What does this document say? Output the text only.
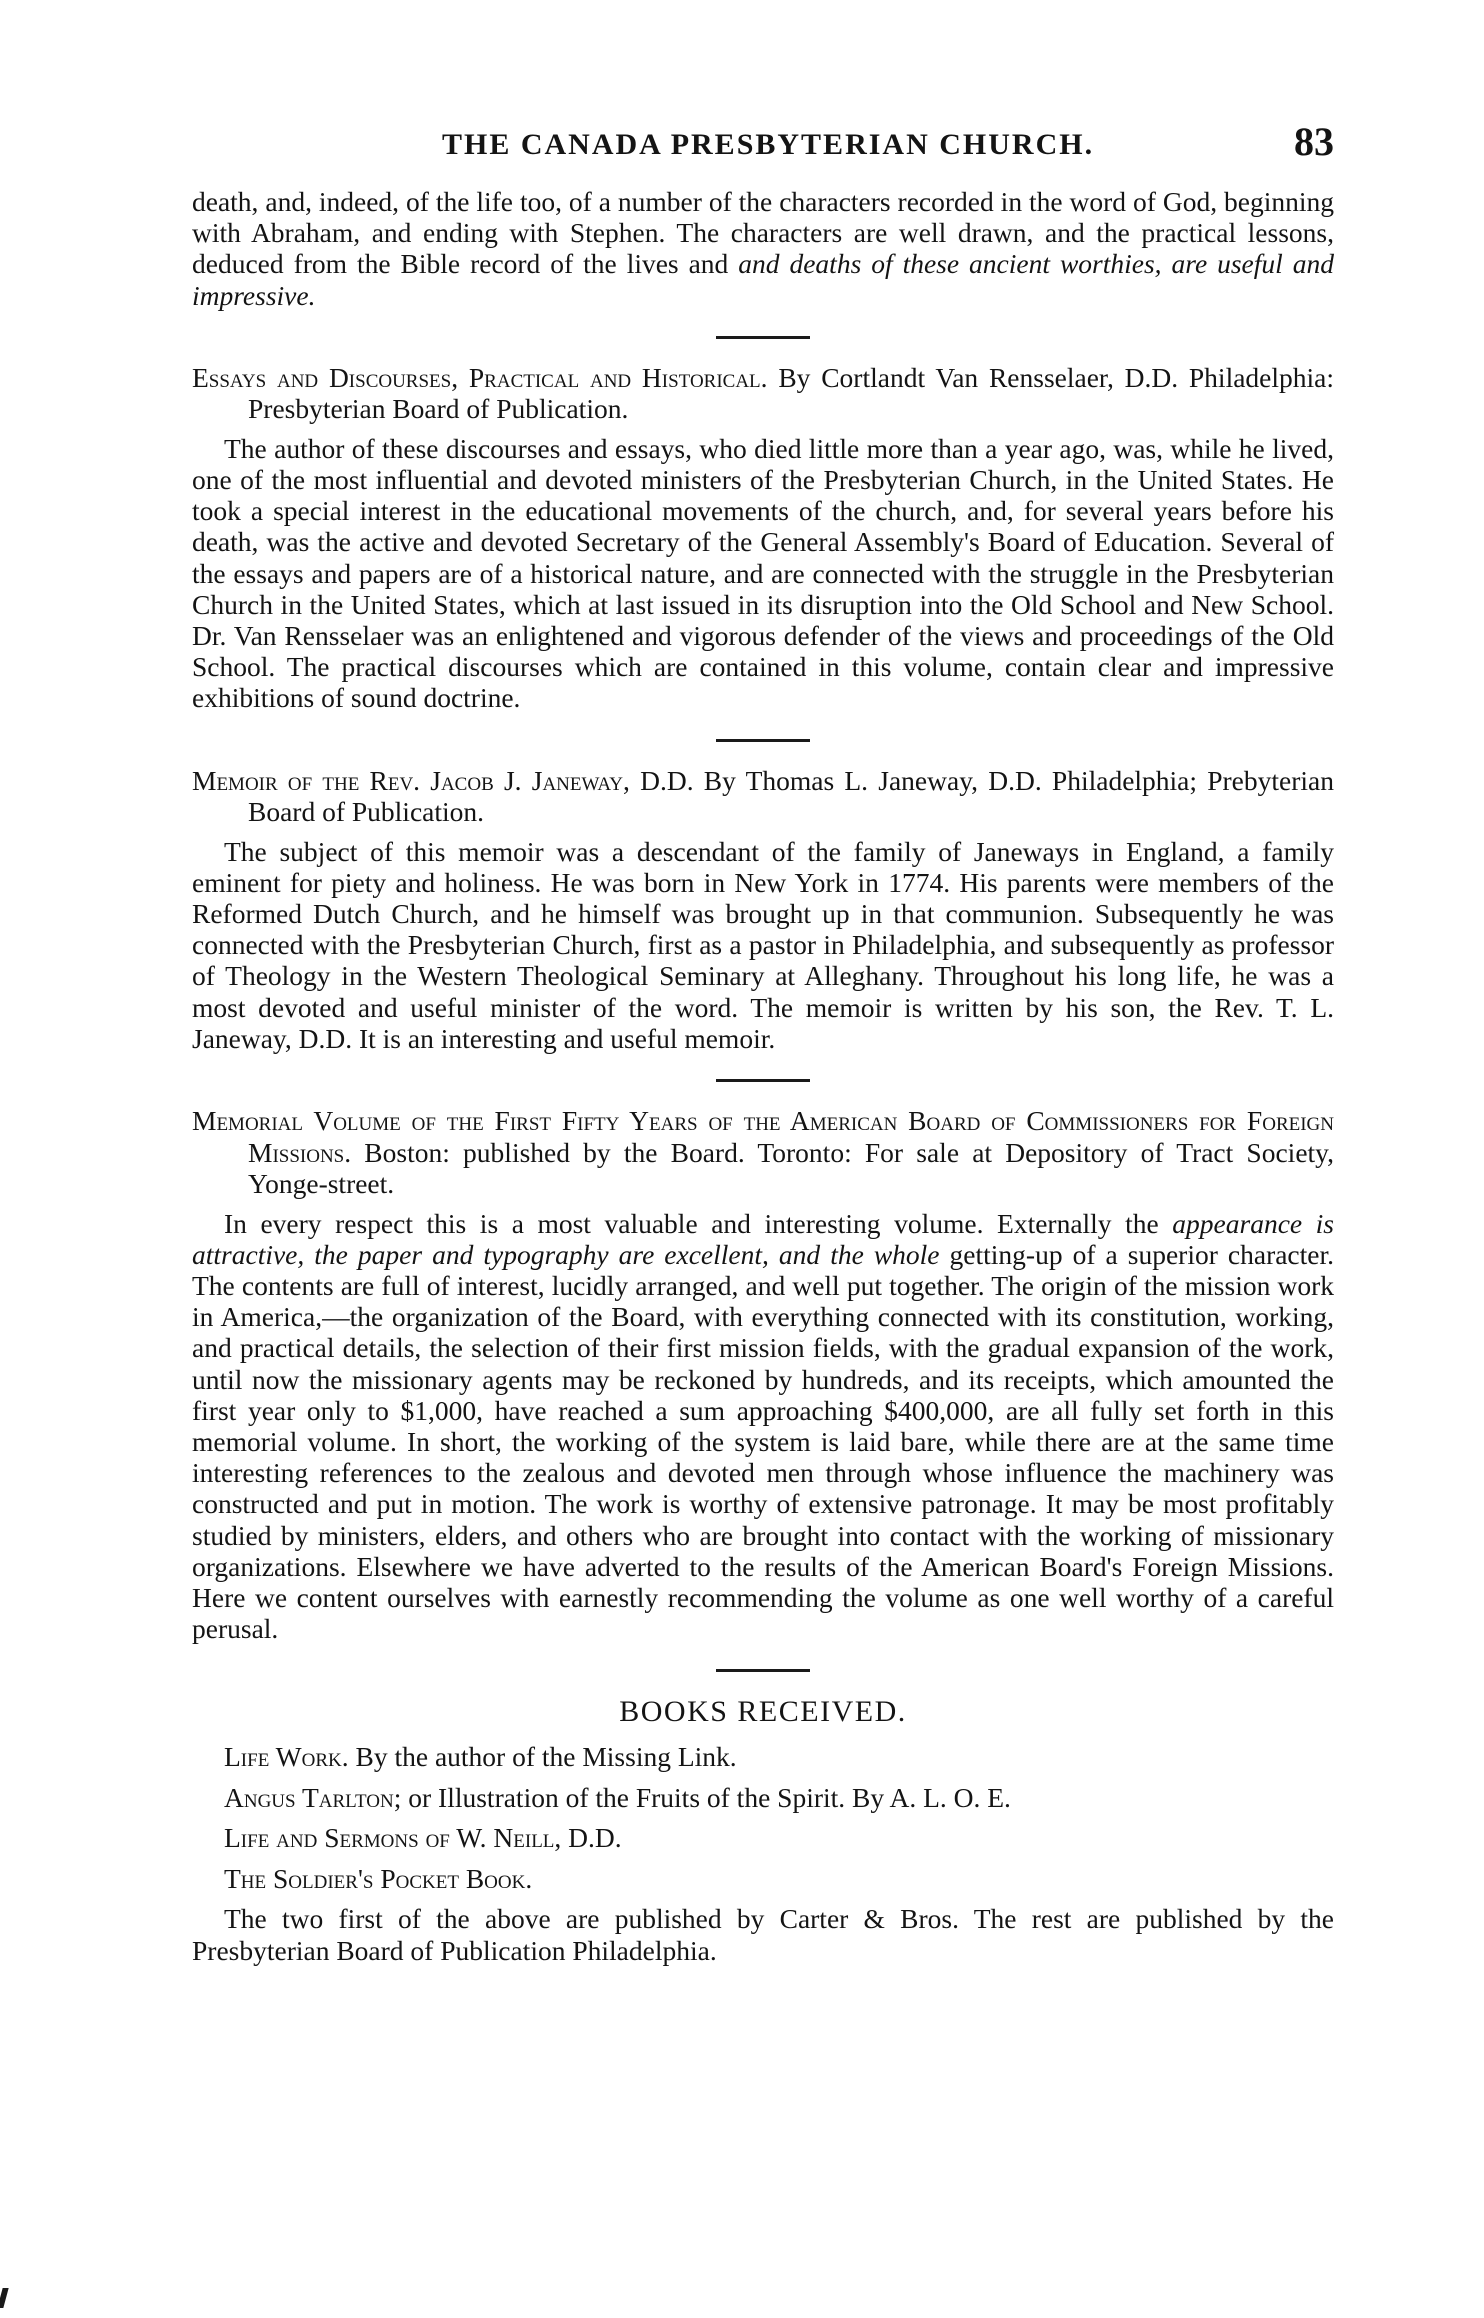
THE CANADA PRESBYTERIAN CHURCH.	83

death, and, indeed, of the life too, of a number of the characters recorded in the word of God, beginning with Abraham, and ending with Stephen. The characters are well drawn, and the practical lessons, deduced from the Bible record of the lives and and deaths of these ancient worthies, are useful and impressive.

Essays and Discourses, Practical and Historical. By Cortlandt Van Rensselaer, D.D. Philadelphia: Presbyterian Board of Publication.

The author of these discourses and essays, who died little more than a year ago, was, while he lived, one of the most influential and devoted ministers of the Presbyterian Church, in the United States. He took a special interest in the educational movements of the church, and, for several years before his death, was the active and devoted Secretary of the General Assembly's Board of Education. Several of the essays and papers are of a historical nature, and are connected with the struggle in the Presbyterian Church in the United States, which at last issued in its disruption into the Old School and New School. Dr. Van Rensselaer was an enlightened and vigorous defender of the views and proceedings of the Old School. The practical discourses which are contained in this volume, contain clear and impressive exhibitions of sound doctrine.

Memoir of the Rev. Jacob J. Janeway, D.D. By Thomas L. Janeway, D.D. Philadelphia; Prebyterian Board of Publication.

The subject of this memoir was a descendant of the family of Janeways in England, a family eminent for piety and holiness. He was born in New York in 1774. His parents were members of the Reformed Dutch Church, and he himself was brought up in that communion. Subsequently he was connected with the Presbyterian Church, first as a pastor in Philadelphia, and subsequently as professor of Theology in the Western Theological Seminary at Alleghany. Throughout his long life, he was a most devoted and useful minister of the word. The memoir is written by his son, the Rev. T. L. Janeway, D.D. It is an interesting and useful memoir.

Memorial Volume of the First Fifty Years of the American Board of Commissioners for Foreign Missions. Boston: published by the Board. Toronto: For sale at Depository of Tract Society, Yonge-street.

In every respect this is a most valuable and interesting volume. Externally the appearance is attractive, the paper and typography are excellent, and the whole getting-up of a superior character. The contents are full of interest, lucidly arranged, and well put together. The origin of the mission work in America,—the organization of the Board, with everything connected with its constitution, working, and practical details, the selection of their first mission fields, with the gradual expansion of the work, until now the missionary agents may be reckoned by hundreds, and its receipts, which amounted the first year only to $1,000, have reached a sum approaching $400,000, are all fully set forth in this memorial volume. In short, the working of the system is laid bare, while there are at the same time interesting references to the zealous and devoted men through whose influence the machinery was constructed and put in motion. The work is worthy of extensive patronage. It may be most profitably studied by ministers, elders, and others who are brought into contact with the working of missionary organizations. Elsewhere we have adverted to the results of the American Board's Foreign Missions. Here we content ourselves with earnestly recommending the volume as one well worthy of a careful perusal.

BOOKS RECEIVED.
Life Work. By the author of the Missing Link.
Angus Tarlton; or Illustration of the Fruits of the Spirit. By A. L. O. E.
Life and Sermons of W. Neill, D.D.
The Soldier's Pocket Book.

The two first of the above are published by Carter & Bros. The rest are published by the Presbyterian Board of Publication Philadelphia.
